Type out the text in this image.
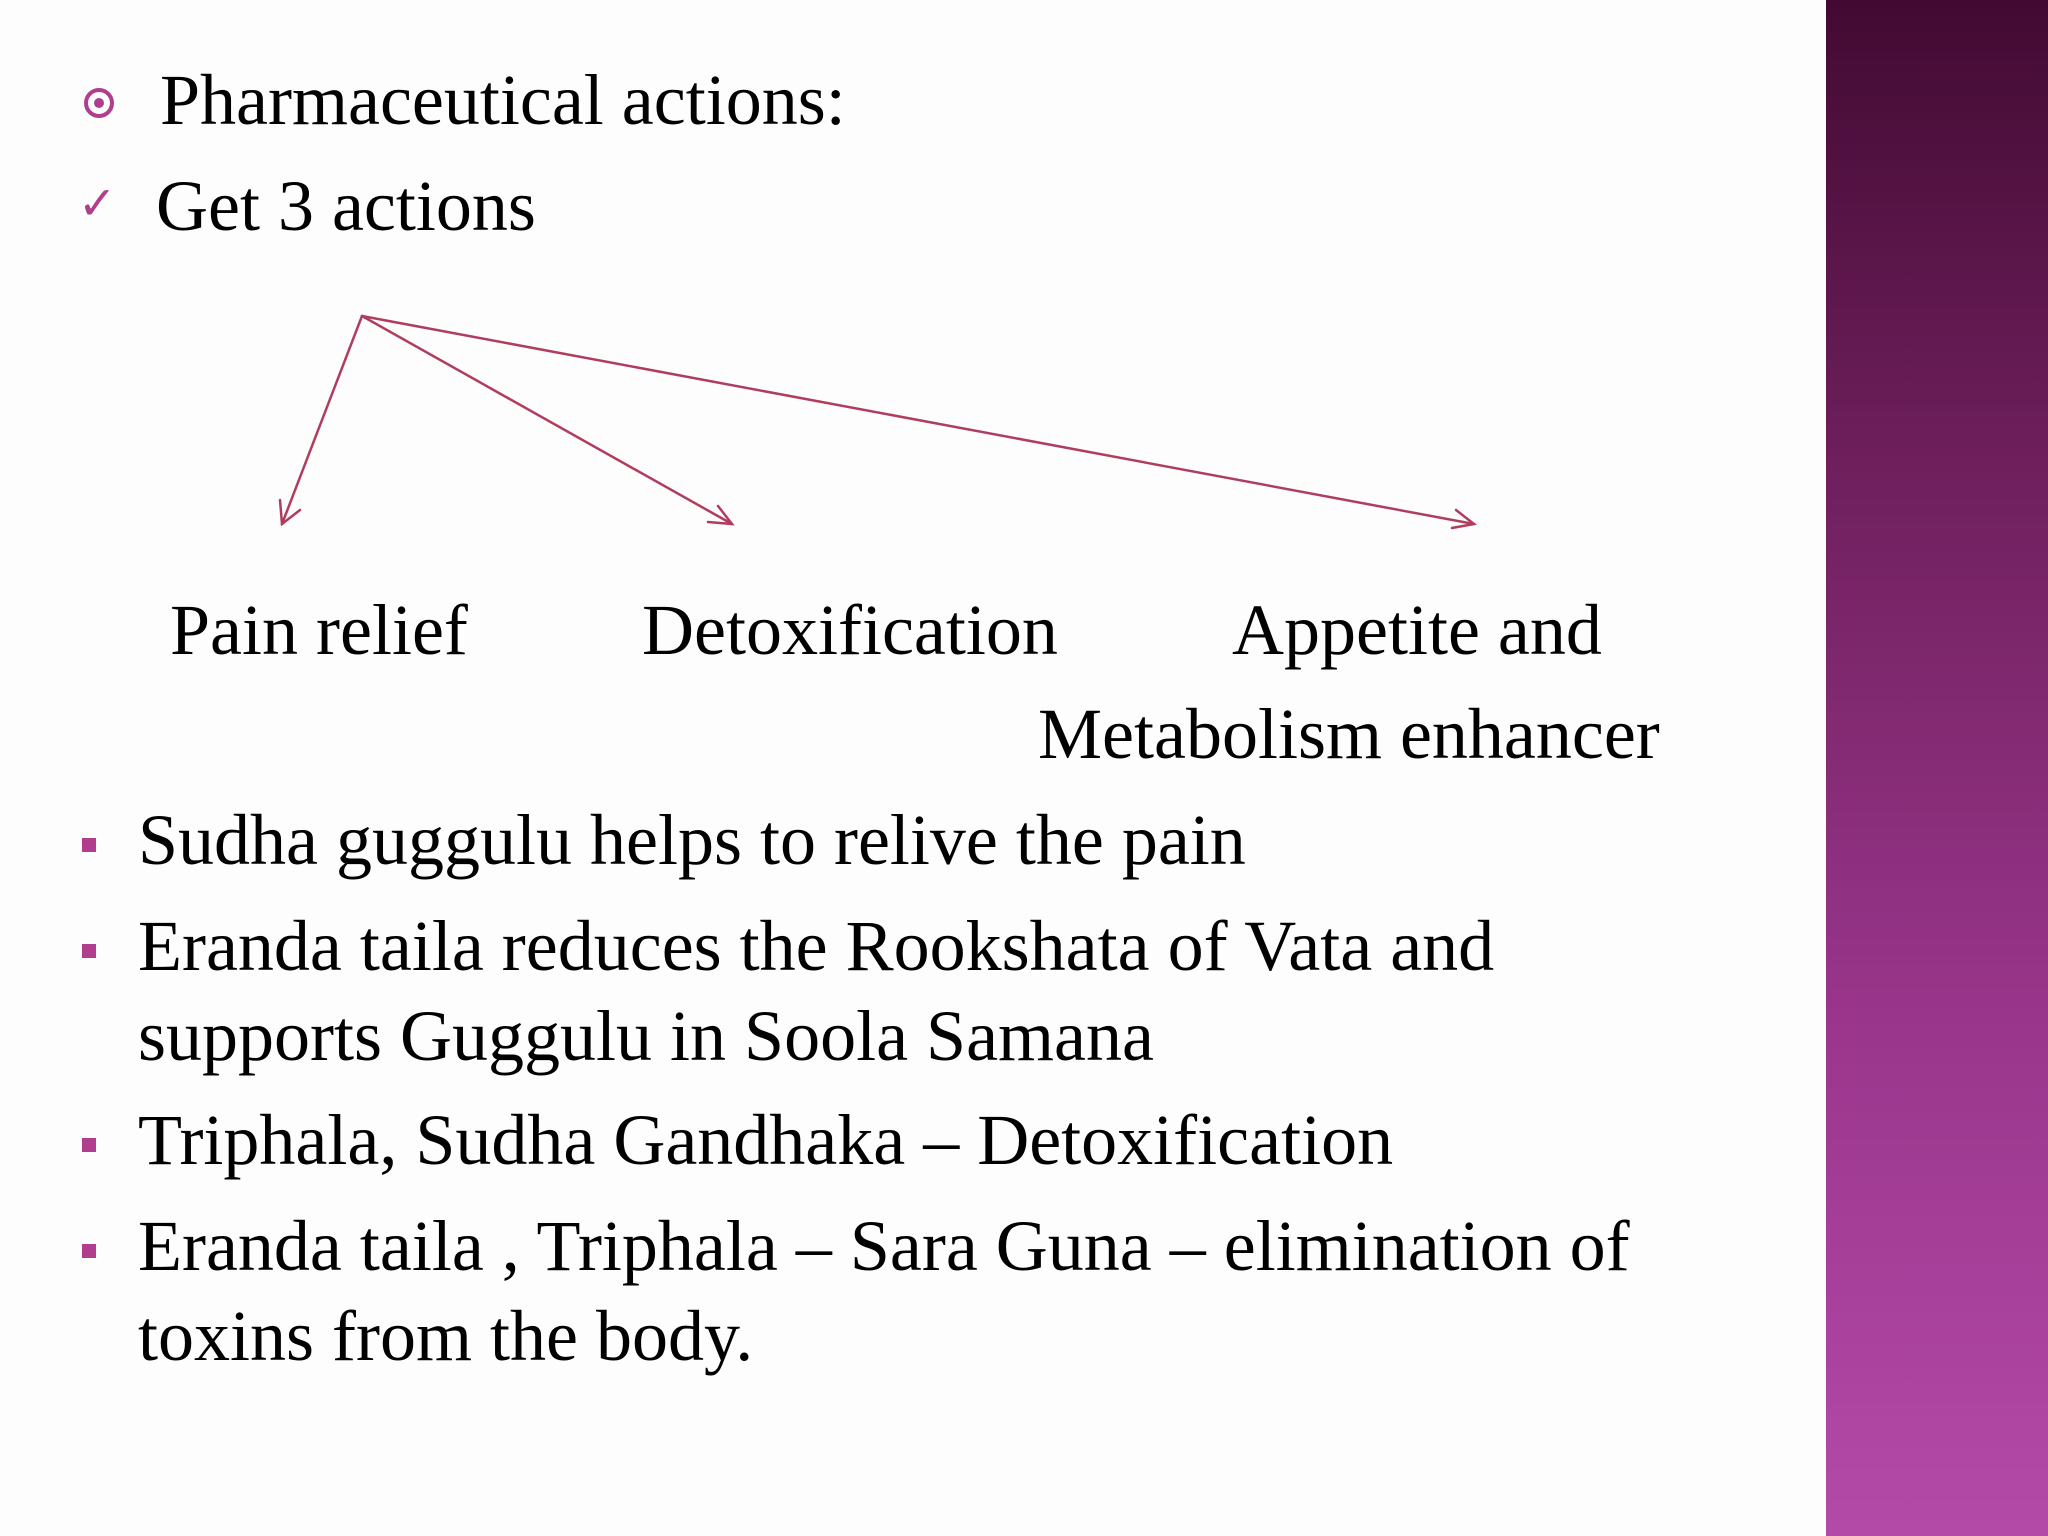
Pharmaceutical actions:
✓ Get 3 actions
Pain relief Detoxification Appetite and
Metabolism enhancer
Sudha guggulu helps to relive the pain
Eranda taila reduces the Rookshata of Vata and
supports Guggulu in Soola Samana
Triphala, Sudha Gandhaka – Detoxification
Eranda taila , Triphala – Sara Guna – elimination of
toxins from the body.
